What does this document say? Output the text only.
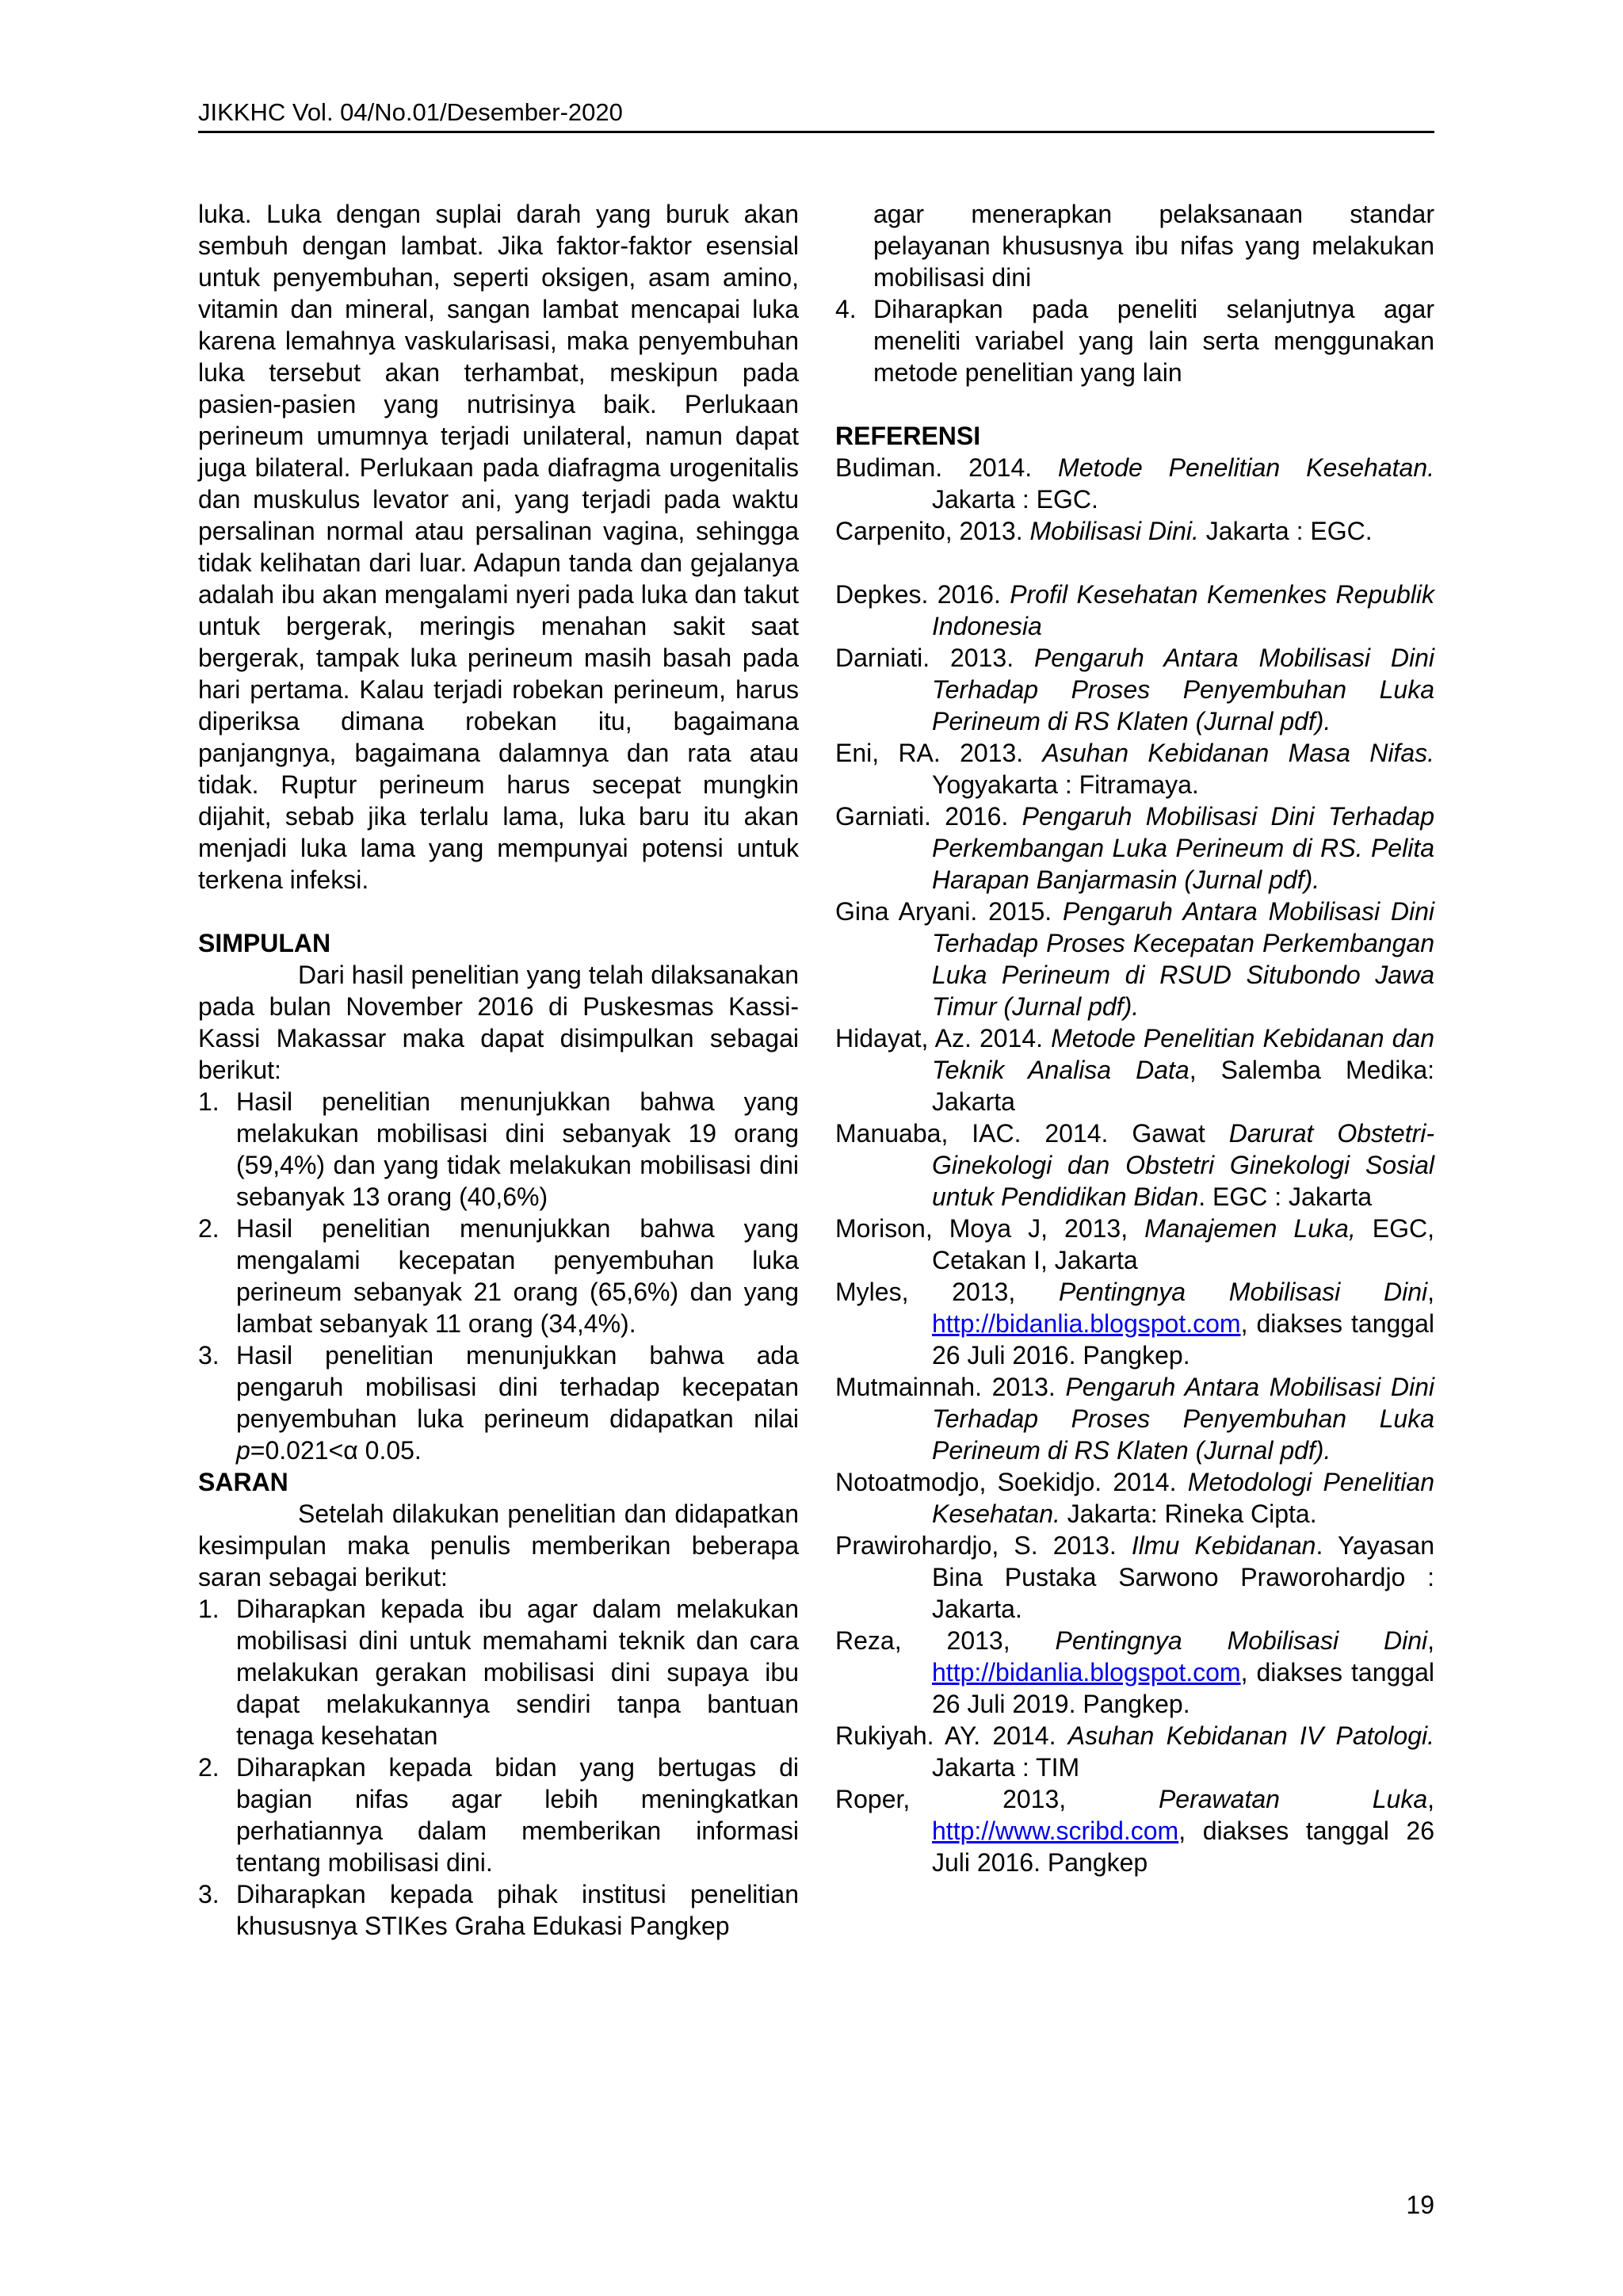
JIKKHC Vol. 04/No.01/Desember-2020

luka. Luka dengan suplai darah yang buruk akan sembuh dengan lambat. Jika faktor-faktor esensial untuk penyembuhan, seperti oksigen, asam amino, vitamin dan mineral, sangan lambat mencapai luka karena lemahnya vaskularisasi, maka penyembuhan luka tersebut akan terhambat, meskipun pada pasien-pasien yang nutrisinya baik. Perlukaan perineum umumnya terjadi unilateral, namun dapat juga bilateral. Perlukaan pada diafragma urogenitalis dan muskulus levator ani, yang terjadi pada waktu persalinan normal atau persalinan vagina, sehingga tidak kelihatan dari luar. Adapun tanda dan gejalanya adalah ibu akan mengalami nyeri pada luka dan takut untuk bergerak, meringis menahan sakit saat bergerak, tampak luka perineum masih basah pada hari pertama. Kalau terjadi robekan perineum, harus diperiksa dimana robekan itu, bagaimana panjangnya, bagaimana dalamnya dan rata atau tidak. Ruptur perineum harus secepat mungkin dijahit, sebab jika terlalu lama, luka baru itu akan menjadi luka lama yang mempunyai potensi untuk terkena infeksi.

SIMPULAN

Dari hasil penelitian yang telah dilaksanakan pada bulan November 2016 di Puskesmas Kassi-Kassi Makassar maka dapat disimpulkan sebagai berikut:

1. Hasil penelitian menunjukkan bahwa yang melakukan mobilisasi dini sebanyak 19 orang (59,4%) dan yang tidak melakukan mobilisasi dini sebanyak 13 orang (40,6%)
2. Hasil penelitian menunjukkan bahwa yang mengalami kecepatan penyembuhan luka perineum sebanyak 21 orang (65,6%) dan yang lambat sebanyak 11 orang (34,4%).
3. Hasil penelitian menunjukkan bahwa ada pengaruh mobilisasi dini terhadap kecepatan penyembuhan luka perineum didapatkan nilai p=0.021<α 0.05.

SARAN

Setelah dilakukan penelitian dan didapatkan kesimpulan maka penulis memberikan beberapa saran sebagai berikut:

1. Diharapkan kepada ibu agar dalam melakukan mobilisasi dini untuk memahami teknik dan cara melakukan gerakan mobilisasi dini supaya ibu dapat melakukannya sendiri tanpa bantuan tenaga kesehatan
2. Diharapkan kepada bidan yang bertugas di bagian nifas agar lebih meningkatkan perhatiannya dalam memberikan informasi tentang mobilisasi dini.
3. Diharapkan kepada pihak institusi penelitian khususnya STIKes Graha Edukasi Pangkep
agar menerapkan pelaksanaan standar pelayanan khususnya ibu nifas yang melakukan mobilisasi dini
4. Diharapkan pada peneliti selanjutnya agar meneliti variabel yang lain serta menggunakan metode penelitian yang lain

REFERENSI

Budiman. 2014. Metode Penelitian Kesehatan. Jakarta : EGC.

Carpenito, 2013. Mobilisasi Dini. Jakarta : EGC.

Depkes. 2016. Profil Kesehatan Kemenkes Republik Indonesia

Darniati. 2013. Pengaruh Antara Mobilisasi Dini Terhadap Proses Penyembuhan Luka Perineum di RS Klaten (Jurnal pdf).

Eni, RA. 2013. Asuhan Kebidanan Masa Nifas. Yogyakarta : Fitramaya.

Garniati. 2016. Pengaruh Mobilisasi Dini Terhadap Perkembangan Luka Perineum di RS. Pelita Harapan Banjarmasin (Jurnal pdf).

Gina Aryani. 2015. Pengaruh Antara Mobilisasi Dini Terhadap Proses Kecepatan Perkembangan Luka Perineum di RSUD Situbondo Jawa Timur (Jurnal pdf).

Hidayat, Az. 2014. Metode Penelitian Kebidanan dan Teknik Analisa Data, Salemba Medika: Jakarta

Manuaba, IAC. 2014. Gawat Darurat Obstetri-Ginekologi dan Obstetri Ginekologi Sosial untuk Pendidikan Bidan. EGC : Jakarta

Morison, Moya J, 2013, Manajemen Luka, EGC, Cetakan I, Jakarta

Myles, 2013, Pentingnya Mobilisasi Dini, http://bidanlia.blogspot.com, diakses tanggal 26 Juli 2016. Pangkep.

Mutmainnah. 2013. Pengaruh Antara Mobilisasi Dini Terhadap Proses Penyembuhan Luka Perineum di RS Klaten (Jurnal pdf).

Notoatmodjo, Soekidjo. 2014. Metodologi Penelitian Kesehatan. Jakarta: Rineka Cipta.

Prawirohardjo, S. 2013. Ilmu Kebidanan. Yayasan Bina Pustaka Sarwono Praworohardjo : Jakarta.

Reza, 2013, Pentingnya Mobilisasi Dini, http://bidanlia.blogspot.com, diakses tanggal 26 Juli 2019. Pangkep.

Rukiyah. AY. 2014. Asuhan Kebidanan IV Patologi. Jakarta : TIM

Roper, 2013, Perawatan Luka, http://www.scribd.com, diakses tanggal 26 Juli 2016. Pangkep

19
